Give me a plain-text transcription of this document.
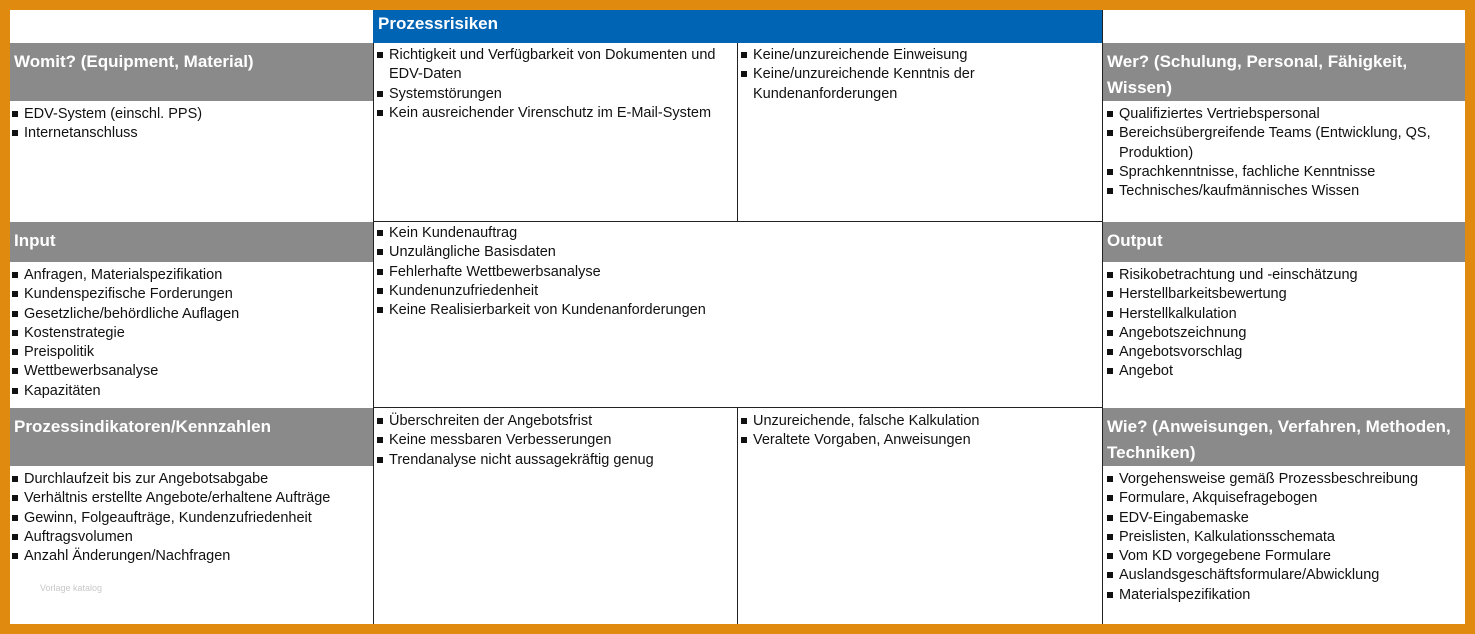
Prozessrisiken
Womit? (Equipment, Material)
Input
Prozessindikatoren/Kennzahlen
Wer? (Schulung, Personal, Fähigkeit, Wissen)
Output
Wie? (Anweisungen, Verfahren, Methoden, Techniken)
EDV-System (einschl. PPS)
Internetanschluss
Anfragen, Materialspezifikation
Kundenspezifische Forderungen
Gesetzliche/behördliche Auflagen
Kostenstrategie
Preispolitik
Wettbewerbsanalyse
Kapazitäten
Durchlaufzeit bis zur Angebotsabgabe
Verhältnis erstellte Angebote/erhaltene Aufträge
Gewinn, Folgeaufträge, Kundenzufriedenheit
Auftragsvolumen
Anzahl Änderungen/Nachfragen
Vorlage katalog
Richtigkeit und Verfügbarkeit von Dokumenten und EDV-Daten
Systemstörungen
Kein ausreichender Virenschutz im E-Mail-System
Keine/unzureichende Einweisung
Keine/unzureichende Kenntnis der Kundenanforderungen
Kein Kundenauftrag
Unzulängliche Basisdaten
Fehlerhafte Wettbewerbsanalyse
Kundenunzufriedenheit
Keine Realisierbarkeit von Kundenanforderungen
Überschreiten der Angebotsfrist
Keine messbaren Verbesserungen
Trendanalyse nicht aussagekräftig genug
Unzureichende, falsche Kalkulation
Veraltete Vorgaben, Anweisungen
Qualifiziertes Vertriebspersonal
Bereichsübergreifende Teams (Entwicklung, QS, Produktion)
Sprachkenntnisse, fachliche Kenntnisse
Technisches/kaufmännisches Wissen
Risikobetrachtung und -einschätzung
Herstellbarkeitsbewertung
Herstellkalkulation
Angebotszeichnung
Angebotsvorschlag
Angebot
Vorgehensweise gemäß Prozessbeschreibung
Formulare, Akquisefragebogen
EDV-Eingabemaske
Preislisten, Kalkulationsschemata
Vom KD vorgegebene Formulare
Auslandsgeschäftsformulare/Abwicklung
Materialspezifikation
